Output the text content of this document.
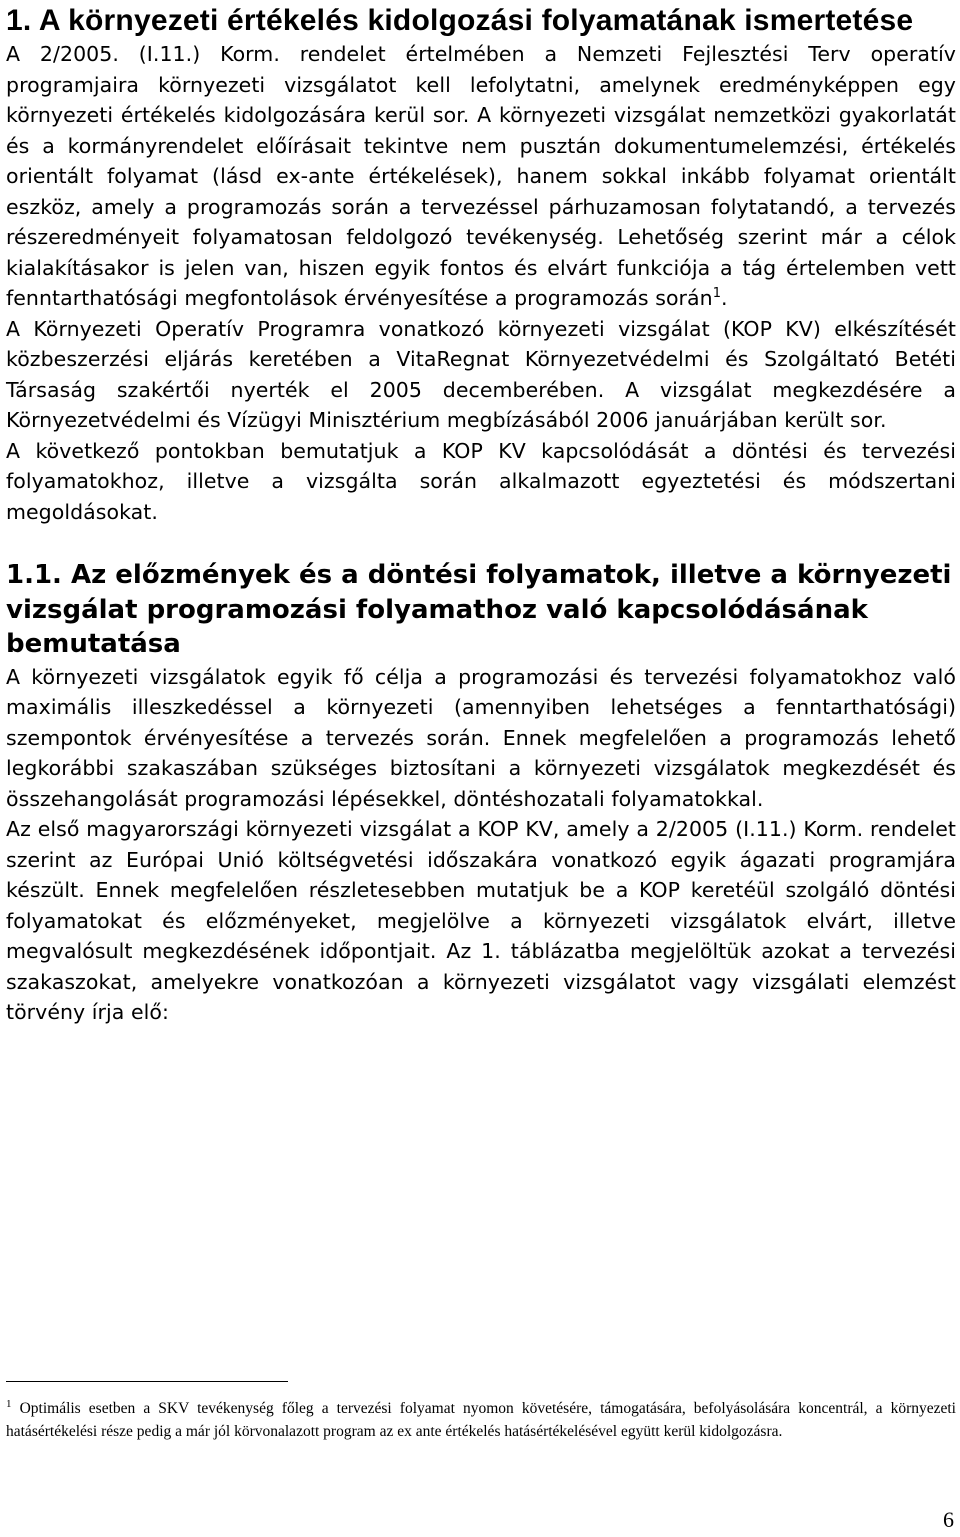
1. A környezeti értékelés kidolgozási folyamatának ismertetése

A 2/2005. (I.11.) Korm. rendelet értelmében a Nemzeti Fejlesztési Terv operatív programjaira környezeti vizsgálatot kell lefolytatni, amelynek eredményképpen egy környezeti értékelés kidolgozására kerül sor. A környezeti vizsgálat nemzetközi gyakorlatát és a kormányrendelet előírásait tekintve nem pusztán dokumentumelemzési, értékelés orientált folyamat (lásd ex-ante értékelések), hanem sokkal inkább folyamat orientált eszköz, amely a programozás során a tervezéssel párhuzamosan folytatandó, a tervezés részeredményeit folyamatosan feldolgozó tevékenység. Lehetőség szerint már a célok kialakításakor is jelen van, hiszen egyik fontos és elvárt funkciója a tág értelemben vett fenntarthatósági megfontolások érvényesítése a programozás során$^1$.

A Környezeti Operatív Programra vonatkozó környezeti vizsgálat (KOP KV) elkészítését közbeszerzési eljárás keretében a VitaRegnat Környezetvédelmi és Szolgáltató Betéti Társaság szakértői nyerték el 2005 decemberében. A vizsgálat megkezdésére a Környezetvédelmi és Vízügyi Minisztérium megbízásából 2006 januárjában került sor.

A következő pontokban bemutatjuk a KOP KV kapcsolódását a döntési és tervezési folyamatokhoz, illetve a vizsgálta során alkalmazott egyeztetési és módszertani megoldásokat.

1.1. Az előzmények és a döntési folyamatok, illetve a környezeti vizsgálat programozási folyamathoz való kapcsolódásának bemutatása

A környezeti vizsgálatok egyik fő célja a programozási és tervezési folyamatokhoz való maximális illeszkedéssel a környezeti (amennyiben lehetséges a fenntarthatósági) szempontok érvényesítése a tervezés során. Ennek megfelelően a programozás lehető legkorábbi szakaszában szükséges biztosítani a környezeti vizsgálatok megkezdését és összehangolását programozási lépésekkel, döntéshozatali folyamatokkal.

Az első magyarországi környezeti vizsgálat a KOP KV, amely a 2/2005 (I.11.) Korm. rendelet szerint az Európai Unió költségvetési időszakára vonatkozó egyik ágazati programjára készült. Ennek megfelelően részletesebben mutatjuk be a KOP keretéül szolgáló döntési folyamatokat és előzményeket, megjelölve a környezeti vizsgálatok elvárt, illetve megvalósult megkezdésének időpontjait. Az 1. táblázatba megjelöltük azokat a tervezési szakaszokat, amelyekre vonatkozóan a környezeti vizsgálatot vagy vizsgálati elemzést törvény írja elő:

$^1$ Optimális esetben a SKV tevékenység főleg a tervezési folyamat nyomon követésére, támogatására, befolyásolására koncentrál, a környezeti hatásértékelési része pedig a már jól körvonalazott program az ex ante értékelés hatásértékelésével együtt kerül kidolgozásra.
6
